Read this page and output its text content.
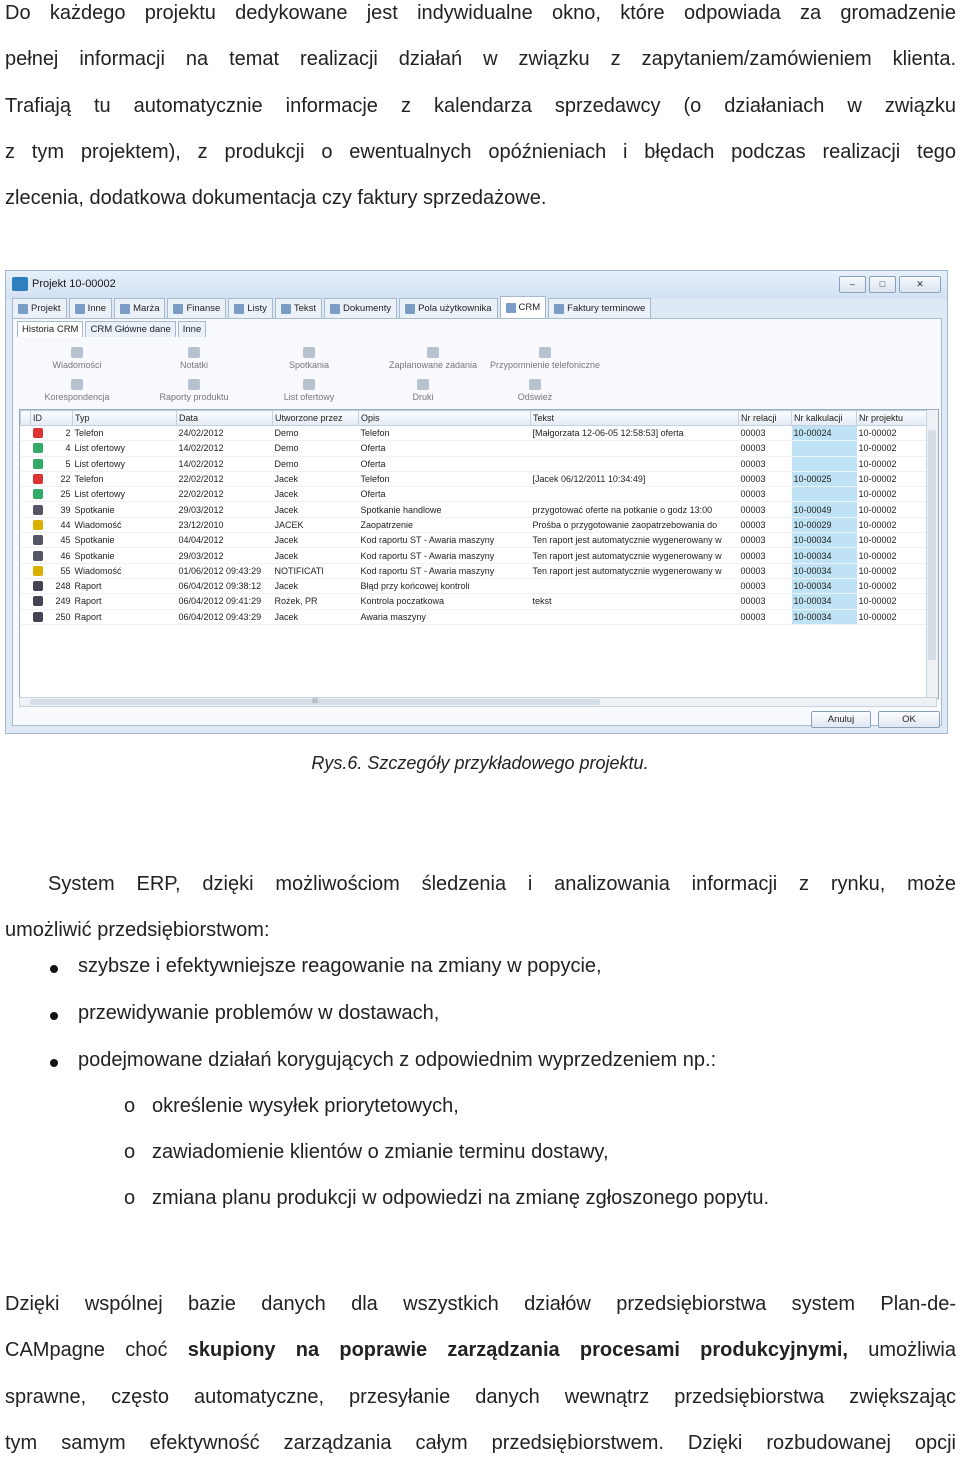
Do każdego projektu dedykowane jest indywidualne okno, które odpowiada za gromadzenie
pełnej informacji na temat realizacji działań w związku z zapytaniem/zamówieniem klienta.
Trafiają tu automatycznie informacje z kalendarza sprzedawcy (o działaniach w związku
z tym projektem), z produkcji o ewentualnych opóźnieniach i błędach podczas realizacji tego
zlecenia, dodatkowa dokumentacja czy faktury sprzedażowe.
Projekt 10-00002	–	□	✕
Projekt	Inne	Marża	Finanse	Listy	Tekst	Dokumenty	Pola użytkownika	CRM	Faktury terminowe
Historia CRM	CRM Główne dane	Inne
Wiadomości	Notatki	Spotkania	Zaplanowane zadania	Przypomnienie telefoniczne
Korespondencja	Raporty produktu	List ofertowy	Druki	Odśwież
	ID	Typ	Data	Utworzone przez	Opis	Tekst	Nr relacji	Nr kalkulacji	Nr projektu

2	Telefon	24/02/2012	Demo	Telefon	[Małgorzata 12-06-05 12:58:53] oferta	00003	10-00024	10-00002

4	List ofertowy	14/02/2012	Demo	Oferta		00003		10-00002

5	List ofertowy	14/02/2012	Demo	Oferta		00003		10-00002

22	Telefon	22/02/2012	Jacek	Telefon	[Jacek 06/12/2011 10:34:49]	00003	10-00025	10-00002

25	List ofertowy	22/02/2012	Jacek	Oferta		00003		10-00002

39	Spotkanie	29/03/2012	Jacek	Spotkanie handlowe	przygotować oferte na potkanie o godz 13:00	00003	10-00049	10-00002

44	Wiadomość	23/12/2010	JACEK	Zaopatrzenie	Prośba o przygotowanie zaopatrzebowania do	00003	10-00029	10-00002

45	Spotkanie	04/04/2012	Jacek	Kod raportu ST - Awaria maszyny	Ten raport jest automatycznie wygenerowany w	00003	10-00034	10-00002

46	Spotkanie	29/03/2012	Jacek	Kod raportu ST - Awaria maszyny	Ten raport jest automatycznie wygenerowany w	00003	10-00034	10-00002

55	Wiadomość	01/06/2012 09:43:29	NOTIFICATI	Kod raportu ST - Awaria maszyny	Ten raport jest automatycznie wygenerowany w	00003	10-00034	10-00002

248	Raport	06/04/2012 09:38:12	Jacek	Błąd przy końcowej kontroli		00003	10-00034	10-00002

249	Raport	06/04/2012 09:41:29	Rożek, PR	Kontrola poczatkowa	tekst	00003	10-00034	10-00002

250	Raport	06/04/2012 09:43:29	Jacek	Awaria maszyny		00003	10-00034	10-00002
III
Anuluj	OK
Rys.6. Szczegóły przykładowego projektu.
System ERP, dzięki możliwościom śledzenia i analizowania informacji z rynku, może
umożliwić przedsiębiorstwom:
szybsze i efektywniejsze reagowanie na zmiany w popycie,
przewidywanie problemów w dostawach,
podejmowane działań korygujących z odpowiednim wyprzedzeniem np.:
o określenie wysyłek priorytetowych,
o zawiadomienie klientów o zmianie terminu dostawy,
o zmiana planu produkcji w odpowiedzi na zmianę zgłoszonego popytu.
Dzięki wspólnej bazie danych dla wszystkich działów przedsiębiorstwa system Plan-de-
CAMpagne choć skupiony na poprawie zarządzania procesami produkcyjnymi, umożliwia
sprawne, często automatyczne, przesyłanie danych wewnątrz przedsiębiorstwa zwiększając
tym samym efektywność zarządzania całym przedsiębiorstwem. Dzięki rozbudowanej opcji
